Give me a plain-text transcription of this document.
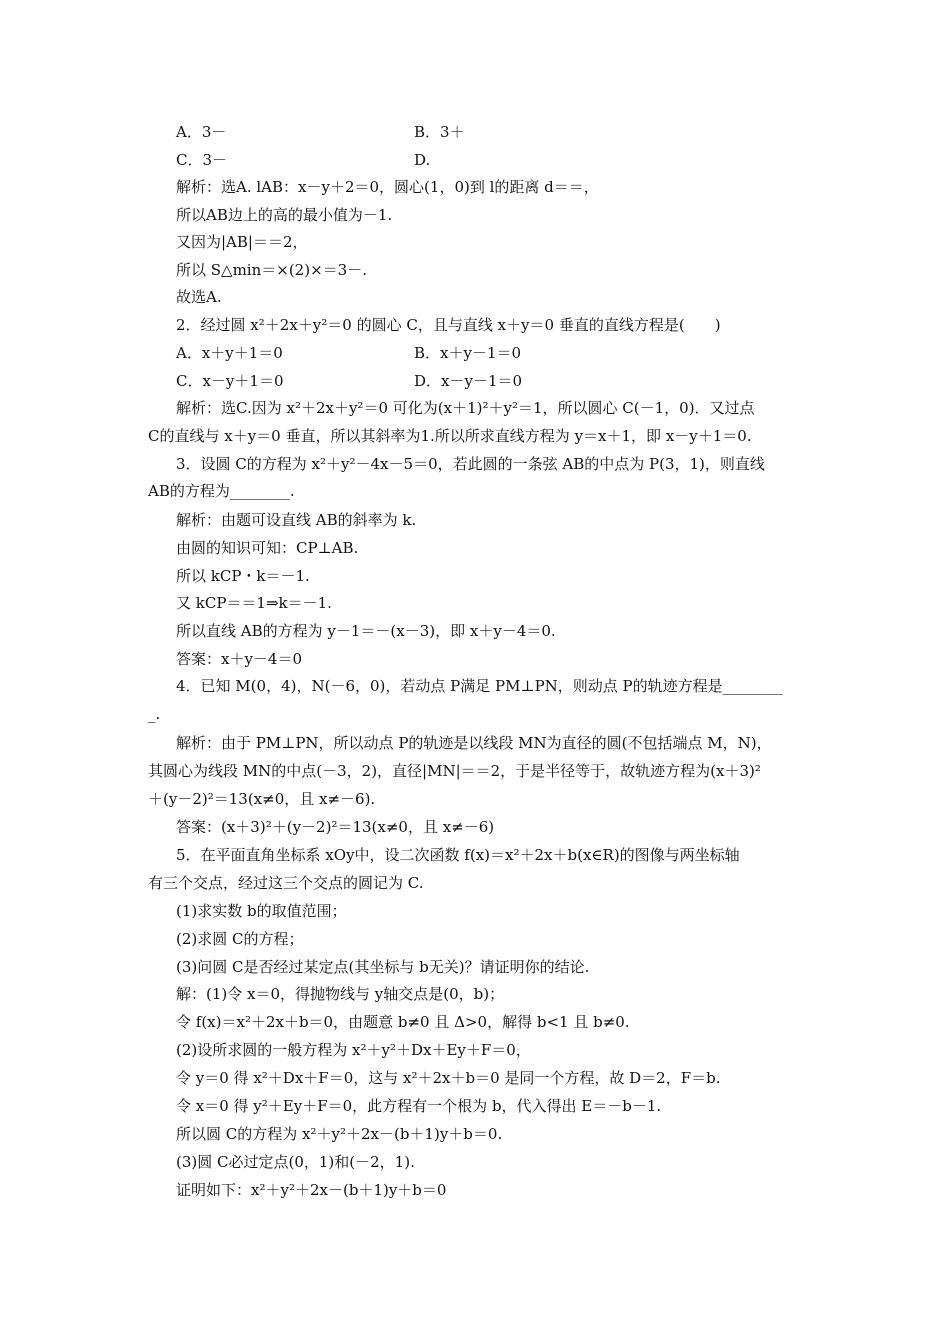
A．3－	B．3＋
C．3－	D.
解析：选A. lAB：x－y＋2＝0，圆心(1，0)到 l的距离 d＝＝，
所以AB边上的高的最小值为－1.
又因为|AB|＝＝2，
所以 S△min＝×(2)×＝3－.
故选A.
2．经过圆 x²＋2x＋y²＝0 的圆心 C，且与直线 x＋y＝0 垂直的直线方程是(　　)
A．x＋y＋1＝0	B．x＋y－1＝0
C．x－y＋1＝0	D．x－y－1＝0
解析：选C.因为 x²＋2x＋y²＝0 可化为(x＋1)²＋y²＝1，所以圆心 C(－1，0)．又过点
C的直线与 x＋y＝0 垂直，所以其斜率为1.所以所求直线方程为 y＝x＋1，即 x－y＋1＝0.
3．设圆 C的方程为 x²＋y²－4x－5＝0，若此圆的一条弦 AB的中点为 P(3，1)，则直线
AB的方程为________.
解析：由题可设直线 AB的斜率为 k.
由圆的知识可知：CP⊥AB.
所以 kCP・k＝－1.
又 kCP＝＝1⇒k＝－1.
所以直线 AB的方程为 y－1＝－(x－3)，即 x＋y－4＝0.
答案：x＋y－4＝0
4．已知 M(0，4)，N(－6，0)，若动点 P满足 PM⊥PN，则动点 P的轨迹方程是________
_.
解析：由于 PM⊥PN，所以动点 P的轨迹是以线段 MN为直径的圆(不包括端点 M，N)，
其圆心为线段 MN的中点(－3，2)，直径|MN|＝＝2，于是半径等于，故轨迹方程为(x＋3)²
＋(y－2)²＝13(x≠0，且 x≠－6).
答案：(x＋3)²＋(y－2)²＝13(x≠0，且 x≠－6)
5．在平面直角坐标系 xOy中，设二次函数 f(x)＝x²＋2x＋b(x∈R)的图像与两坐标轴
有三个交点，经过这三个交点的圆记为 C.
(1)求实数 b的取值范围；
(2)求圆 C的方程；
(3)问圆 C是否经过某定点(其坐标与 b无关)？请证明你的结论.
解：(1)令 x＝0，得抛物线与 y轴交点是(0，b)；
令 f(x)＝x²＋2x＋b＝0，由题意 b≠0 且 Δ>0，解得 b<1 且 b≠0.
(2)设所求圆的一般方程为 x²＋y²＋Dx＋Ey＋F＝0，
令 y＝0 得 x²＋Dx＋F＝0，这与 x²＋2x＋b＝0 是同一个方程，故 D＝2，F＝b.
令 x＝0 得 y²＋Ey＋F＝0，此方程有一个根为 b，代入得出 E＝－b－1.
所以圆 C的方程为 x²＋y²＋2x－(b＋1)y＋b＝0.
(3)圆 C必过定点(0，1)和(－2，1).
证明如下：x²＋y²＋2x－(b＋1)y＋b＝0
